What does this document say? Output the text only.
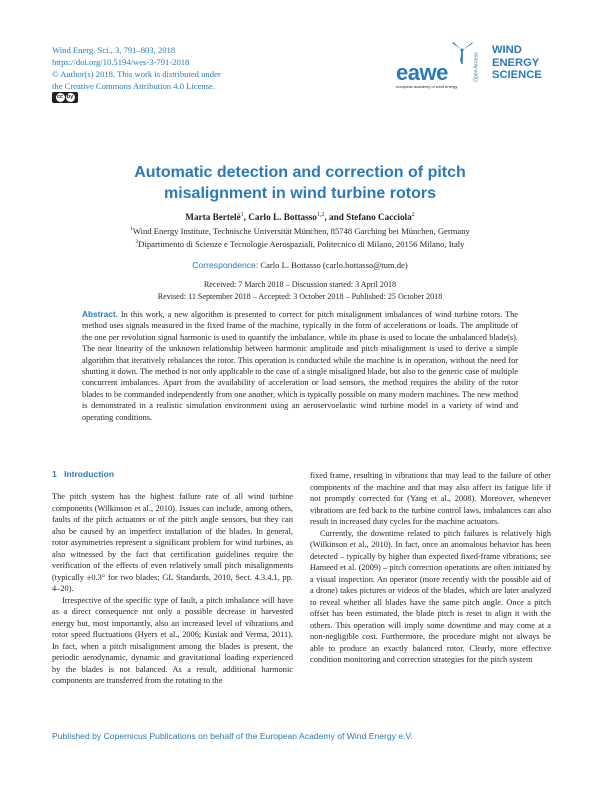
Wind Energ. Sci., 3, 791–803, 2018
https://doi.org/10.5194/wes-3-791-2018
© Author(s) 2018. This work is distributed under
the Creative Commons Attribution 4.0 License.
cc by
eawe
european academy of wind energy
Open Access
WIND
ENERGY
SCIENCE
Automatic detection and correction of pitch
misalignment in wind turbine rotors
Marta Bertelè$^1$, Carlo L. Bottasso$^{1,2}$, and Stefano Cacciola$^2$
$^1$Wind Energy Institute, Technische Universität München, 85748 Garching bei München, Germany
$^2$Dipartimento di Scienze e Tecnologie Aerospaziali, Politecnico di Milano, 20156 Milano, Italy
Correspondence: Carlo L. Bottasso (carlo.bottasso@tum.de)
Received: 7 March 2018 – Discussion started: 3 April 2018
Revised: 11 September 2018 – Accepted: 3 October 2018 – Published: 25 October 2018

Abstract. In this work, a new algorithm is presented to correct for pitch misalignment imbalances of wind turbine rotors. The method uses signals measured in the fixed frame of the machine, typically in the form of accelerations or loads. The amplitude of the one per revolution signal harmonic is used to quantify the imbalance, while its phase is used to locate the unbalanced blade(s). The near linearity of the unknown relationship between harmonic amplitude and pitch misalignment is used to derive a simple algorithm that iteratively rebalances the rotor. This operation is conducted while the machine is in operation, without the need for shutting it down. The method is not only applicable to the case of a single misaligned blade, but also to the generic case of multiple concurrent imbalances. Apart from the availability of acceleration or load sensors, the method requires the ability of the rotor blades to be commanded independently from one another, which is typically possible on many modern machines. The new method is demonstrated in a realistic simulation environment using an aeroservoelastic wind turbine model in a variety of wind and operating conditions.

1 Introduction

The pitch system has the highest failure rate of all wind turbine components (Wilkinson et al., 2010). Issues can include, among others, faults of the pitch actuators or of the pitch angle sensors, but they can also be caused by an imperfect installation of the blades. In general, rotor asymmetries represent a significant problem for wind turbines, as also witnessed by the fact that certification guidelines require the verification of the effects of even relatively small pitch misalignments (typically ±0.3° for two blades; GL Standards, 2010, Sect. 4.3.4.1, pp. 4–20).

Irrespective of the specific type of fault, a pitch imbalance will have as a direct consequence not only a possible decrease in harvested energy but, most importantly, also an increased level of vibrations and rotor speed fluctuations (Hyers et al., 2006; Kusiak and Verma, 2011). In fact, when a pitch misalignment among the blades is present, the periodic aerodynamic, dynamic and gravitational loading experienced by the blades is not balanced. As a result, additional harmonic components are transferred from the rotating to the

fixed frame, resulting in vibrations that may lead to the failure of other components of the machine and that may also affect its fatigue life if not promptly corrected for (Yang et al., 2008). Moreover, whenever vibrations are fed back to the turbine control laws, imbalances can also result in increased duty cycles for the machine actuators.

Currently, the downtime related to pitch failures is relatively high (Wilkinson et al., 2010). In fact, once an anomalous behavior has been detected – typically by higher than expected fixed-frame vibrations; see Hameed et al. (2009) – pitch correction operations are often initiated by a visual inspection. An operator (more recently with the possible aid of a drone) takes pictures or videos of the blades, which are later analyzed to reveal whether all blades have the same pitch angle. Once a pitch offset has been estimated, the blade pitch is reset to align it with the others. This operation will imply some downtime and may come at a non-negligible cost. Furthermore, the procedure might not always be able to produce an exactly balanced rotor. Clearly, more effective condition monitoring and correction strategies for the pitch system

Published by Copernicus Publications on behalf of the European Academy of Wind Energy e.V.
